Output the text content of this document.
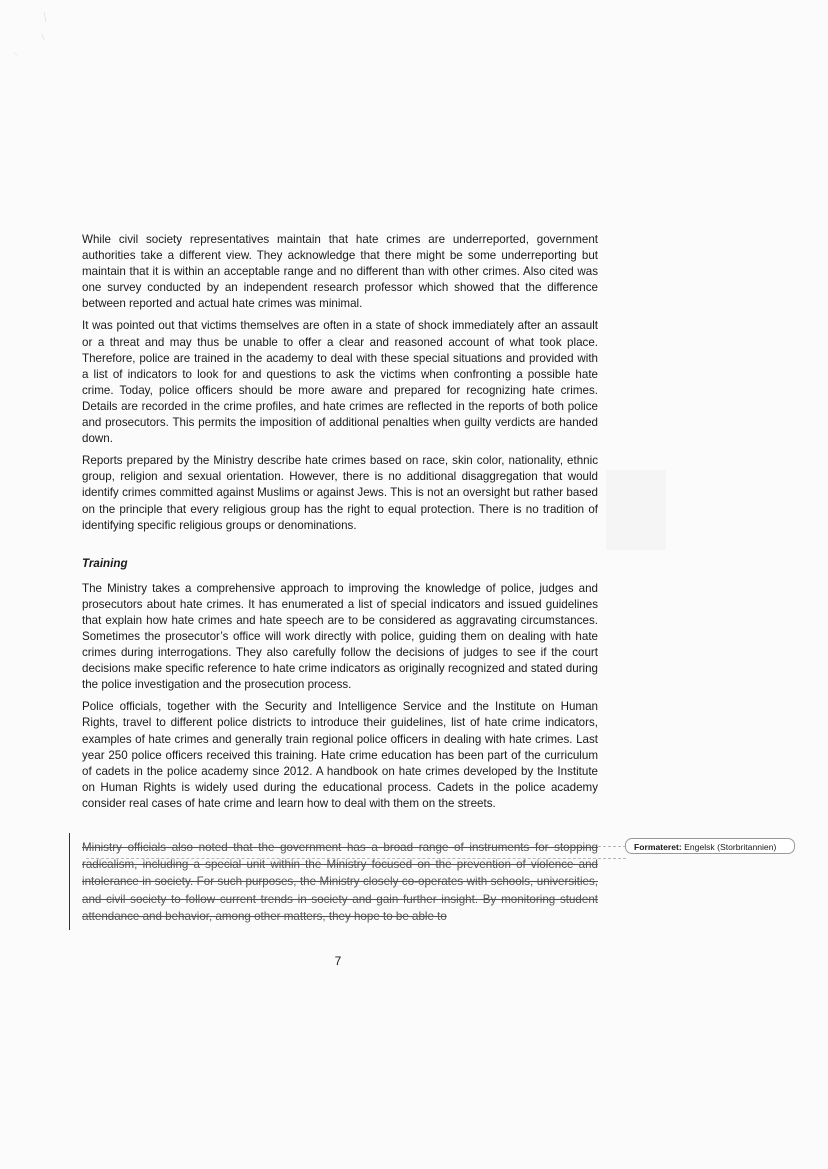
While civil society representatives maintain that hate crimes are underreported, government authorities take a different view. They acknowledge that there might be some underreporting but maintain that it is within an acceptable range and no different than with other crimes. Also cited was one survey conducted by an independent research professor which showed that the difference between reported and actual hate crimes was minimal.

It was pointed out that victims themselves are often in a state of shock immediately after an assault or a threat and may thus be unable to offer a clear and reasoned account of what took place. Therefore, police are trained in the academy to deal with these special situations and provided with a list of indicators to look for and questions to ask the victims when confronting a possible hate crime. Today, police officers should be more aware and prepared for recognizing hate crimes. Details are recorded in the crime profiles, and hate crimes are reflected in the reports of both police and prosecutors. This permits the imposition of additional penalties when guilty verdicts are handed down.

Reports prepared by the Ministry describe hate crimes based on race, skin color, nationality, ethnic group, religion and sexual orientation. However, there is no additional disaggregation that would identify crimes committed against Muslims or against Jews. This is not an oversight but rather based on the principle that every religious group has the right to equal protection. There is no tradition of identifying specific religious groups or denominations.

Training

The Ministry takes a comprehensive approach to improving the knowledge of police, judges and prosecutors about hate crimes. It has enumerated a list of special indicators and issued guidelines that explain how hate crimes and hate speech are to be considered as aggravating circumstances. Sometimes the prosecutor’s office will work directly with police, guiding them on dealing with hate crimes during interrogations. They also carefully follow the decisions of judges to see if the court decisions make specific reference to hate crime indicators as originally recognized and stated during the police investigation and the prosecution process.

Police officials, together with the Security and Intelligence Service and the Institute on Human Rights, travel to different police districts to introduce their guidelines, list of hate crime indicators, examples of hate crimes and generally train regional police officers in dealing with hate crimes. Last year 250 police officers received this training. Hate crime education has been part of the curriculum of cadets in the police academy since 2012. A handbook on hate crimes developed by the Institute on Human Rights is widely used during the educational process. Cadets in the police academy consider real cases of hate crime and learn how to deal with them on the streets.

Ministry officials also noted that the government has a broad range of instruments for stopping radicalism, including a special unit within the Ministry focused on the prevention of violence and intolerance in society. For such purposes, the Ministry closely co-operates with schools, universities, and civil society to follow current trends in society and gain further insight. By monitoring student attendance and behavior, among other matters, they hope to be able to

Formateret: Engelsk (Storbritannien)
7
